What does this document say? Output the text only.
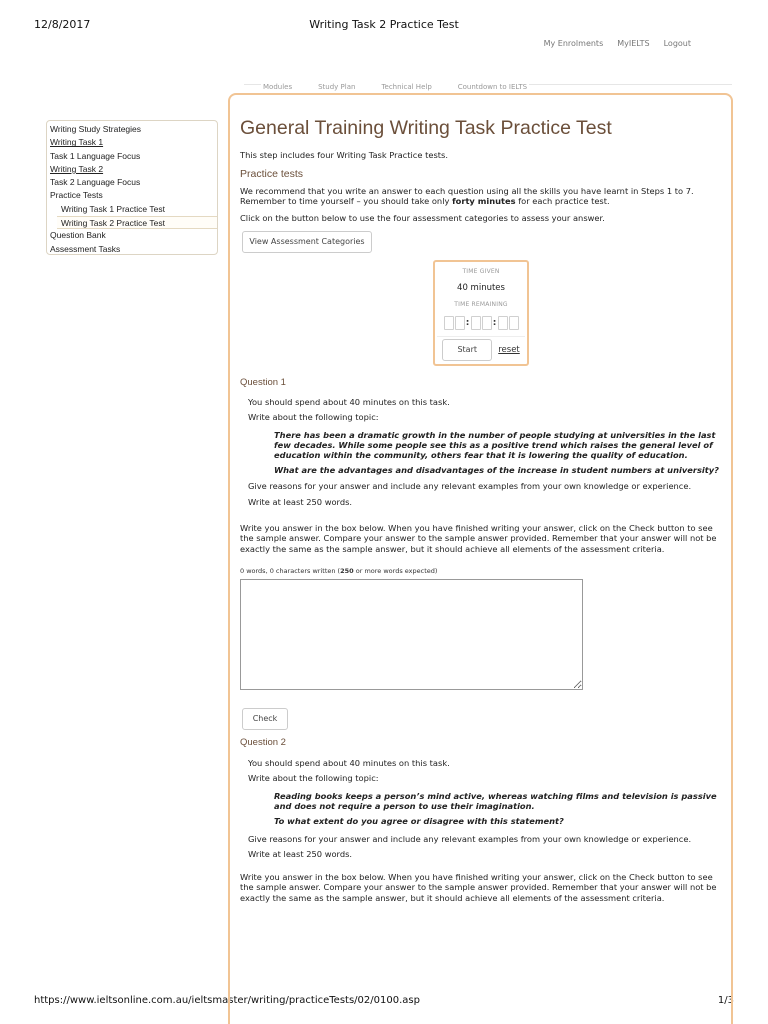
12/8/2017	Writing Task 2 Practice Test
https://www.ieltsonline.com.au/ieltsmaster/writing/practiceTests/02/0100.asp	1/3
My Enrolments MyIELTS Logout
Modules	Study Plan	Technical Help	Countdown to IELTS
Writing Study Strategies
Writing Task 1
Task 1 Language Focus
Writing Task 2
Task 2 Language Focus
Practice Tests
Writing Task 1 Practice Test
Writing Task 2 Practice Test
Question Bank
Assessment Tasks
General Training Writing Task Practice Test

This step includes four Writing Task Practice tests.

Practice tests

We recommend that you write an answer to each question using all the skills you have learnt in Steps 1 to 7. Remember to time yourself – you should take only forty minutes for each practice test.

Click on the button below to use the four assessment categories to assess your answer.

View Assessment Categories
TIME GIVEN
40 minutes
TIME REMAINING
:	:
Start	reset
Question 1

You should spend about 40 minutes on this task.

Write about the following topic:

There has been a dramatic growth in the number of people studying at universities in the last few decades. While some people see this as a positive trend which raises the general level of education within the community, others fear that it is lowering the quality of education.

What are the advantages and disadvantages of the increase in student numbers at university?

Give reasons for your answer and include any relevant examples from your own knowledge or experience.

Write at least 250 words.

Write you answer in the box below. When you have finished writing your answer, click on the Check button to see the sample answer. Compare your answer to the sample answer provided. Remember that your answer will not be exactly the same as the sample answer, but it should achieve all elements of the assessment criteria.

0 words, 0 characters written (250 or more words expected)

Check
Question 2

You should spend about 40 minutes on this task.

Write about the following topic:

Reading books keeps a person’s mind active, whereas watching films and television is passive and does not require a person to use their imagination.

To what extent do you agree or disagree with this statement?

Give reasons for your answer and include any relevant examples from your own knowledge or experience.

Write at least 250 words.

Write you answer in the box below. When you have finished writing your answer, click on the Check button to see the sample answer. Compare your answer to the sample answer provided. Remember that your answer will not be exactly the same as the sample answer, but it should achieve all elements of the assessment criteria.
